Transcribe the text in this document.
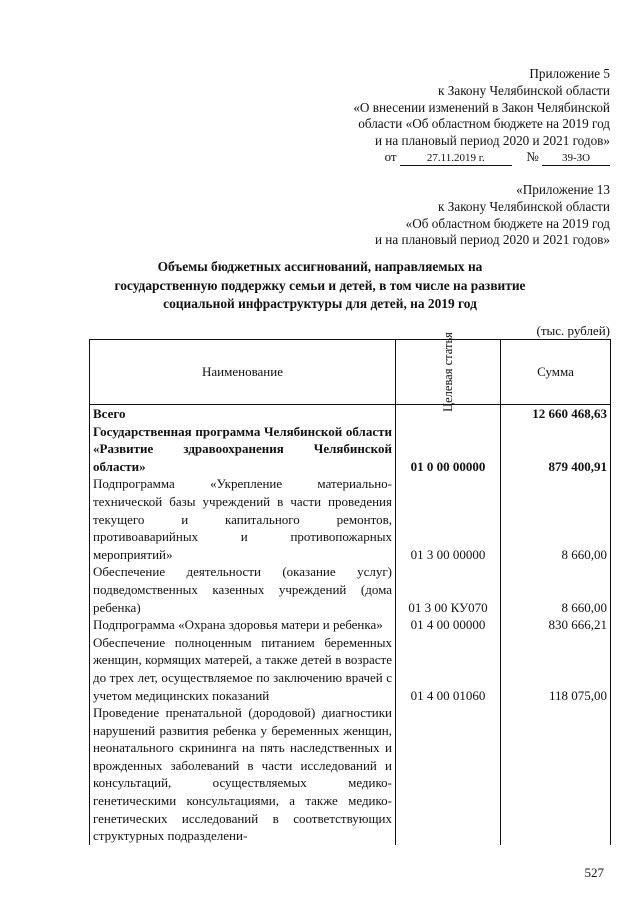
Приложение 5
к Закону Челябинской области
«О внесении изменений в Закон Челябинской
области «Об областном бюджете на 2019 год
и на плановый период 2020 и 2021 годов»
от	27.11.2019 г.	№ 39-ЗО
«Приложение 13
к Закону Челябинской области
«Об областном бюджете на 2019 год
и на плановый период 2020 и 2021 годов»
Объемы бюджетных ассигнований, направляемых на государственную поддержку семьи и детей, в том числе на развитие социальной инфраструктуры для детей, на 2019 год
(тыс. рублей)
Наименование	Целевая статья	Сумма
Всего		12 660 468,63
Государственная программа Челябинской области «Развитие здравоохранения Челябинской области»	01 0 00 00000	879 400,91
Подпрограмма «Укрепление материально-технической базы учреждений в части проведения текущего и капитального ремонтов, противоаварийных и противопожарных мероприятий»	01 3 00 00000	8 660,00
Обеспечение деятельности (оказание услуг) подведомственных казенных учреждений (дома ребенка)	01 3 00 КУ070	8 660,00
Подпрограмма «Охрана здоровья матери и ребенка»	01 4 00 00000	830 666,21
Обеспечение полноценным питанием беременных женщин, кормящих матерей, а также детей в возрасте до трех лет, осуществляемое по заключению врачей с учетом медицинских показаний	01 4 00 01060	118 075,00
Проведение пренатальной (дородовой) диагностики нарушений развития ребенка у беременных женщин, неонатального скрининга на пять наследственных и врожденных заболеваний в части исследований и консультаций, осуществляемых медико-генетическими консультациями, а также медико-генетических исследований в соответствующих структурных подразделени-		
527
